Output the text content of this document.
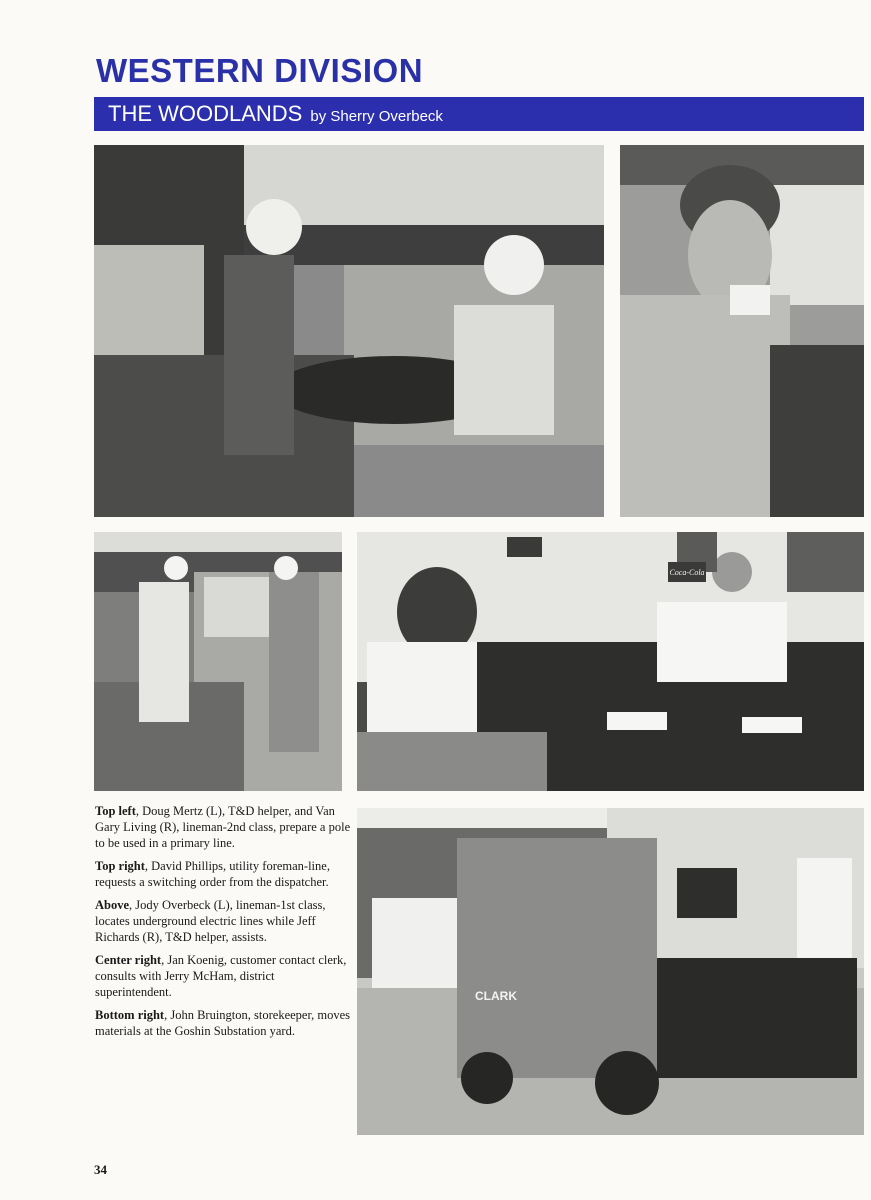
WESTERN DIVISION
THE WOODLANDS by Sherry Overbeck
CLARK

Top left, Doug Mertz (L), T&D helper, and Van Gary Living (R), lineman-2nd class, prepare a pole to be used in a primary line.

Top right, David Phillips, utility foreman-line, requests a switching order from the dispatcher.

Above, Jody Overbeck (L), lineman-1st class, locates underground electric lines while Jeff Richards (R), T&D helper, assists.

Center right, Jan Koenig, customer contact clerk, consults with Jerry McHam, district superintendent.

Bottom right, John Bruington, storekeeper, moves materials at the Goshin Substation yard.

34
Coca-Cola
